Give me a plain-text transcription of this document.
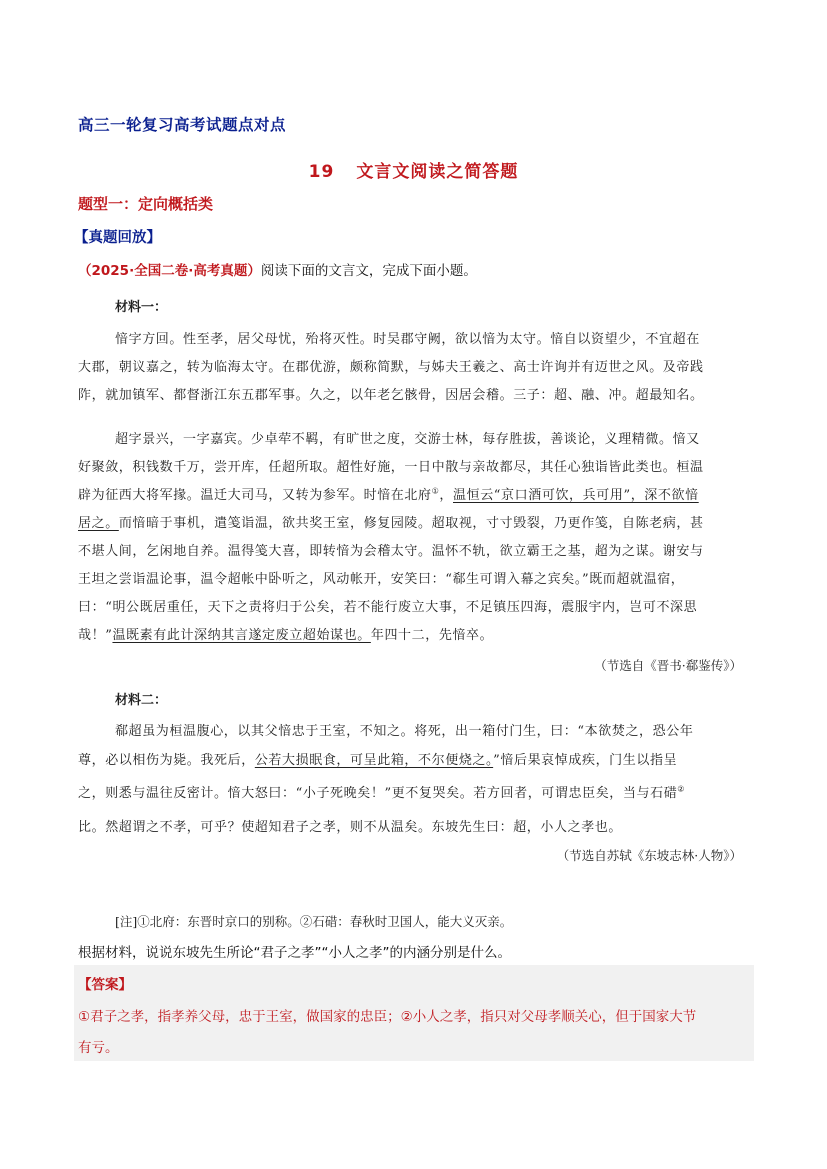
高三一轮复习高考试题点对点
19 文言文阅读之简答题
题型一：定向概括类
【真题回放】
（2025·全国二卷·高考真题）阅读下面的文言文，完成下面小题。
材料一：
愔字方回。性至孝，居父母忧，殆将灭性。时吴郡守阙，欲以愔为太守。愔自以资望少，不宜超在
大郡，朝议嘉之，转为临海太守。在郡优游，颇称简默，与姊夫王羲之、高士许询并有迈世之风。及帝践
阼，就加镇军、都督浙江东五郡军事。久之，以年老乞骸骨，因居会稽。三子：超、融、冲。超最知名。
超字景兴，一字嘉宾。少卓荦不羁，有旷世之度，交游士林，每存胜拔，善谈论，义理精微。愔又
好聚敛，积钱数千万，尝开库，任超所取。超性好施，一日中散与亲故都尽，其任心独诣皆此类也。桓温
辟为征西大将军掾。温迁大司马，又转为参军。时愔在北府①，温恒云“京口酒可饮，兵可用”，深不欲愔
居之。而愔暗于事机，遣笺诣温，欲共奖王室，修复园陵。超取视，寸寸毁裂，乃更作笺，自陈老病，甚
不堪人间，乞闲地自养。温得笺大喜，即转愔为会稽太守。温怀不轨，欲立霸王之基，超为之谋。谢安与
王坦之尝诣温论事，温令超帐中卧听之，风动帐开，安笑曰：“郗生可谓入幕之宾矣。”既而超就温宿，
曰：“明公既居重任，天下之责将归于公矣，若不能行废立大事，不足镇压四海，震服宇内，岂可不深思
哉！”温既素有此计深纳其言遂定废立超始谋也。年四十二，先愔卒。
（节选自《晋书·郗鉴传》）
材料二：
郗超虽为桓温腹心，以其父愔忠于王室，不知之。将死，出一箱付门生，曰：“本欲焚之，恐公年
尊，必以相伤为毙。我死后，公若大损眠食，可呈此箱，不尔便烧之。”愔后果哀悼成疾，门生以指呈
之，则悉与温往反密计。愔大怒曰：“小子死晚矣！”更不复哭矣。若方回者，可谓忠臣矣，当与石碏②
比。然超谓之不孝，可乎？使超知君子之孝，则不从温矣。东坡先生曰：超，小人之孝也。
（节选自苏轼《东坡志林·人物》）
[注]①北府：东晋时京口的别称。②石碏：春秋时卫国人，能大义灭亲。
根据材料，说说东坡先生所论“君子之孝”“小人之孝”的内涵分别是什么。
【答案】
①君子之孝，指孝养父母，忠于王室，做国家的忠臣；②小人之孝，指只对父母孝顺关心，但于国家大节
有亏。
